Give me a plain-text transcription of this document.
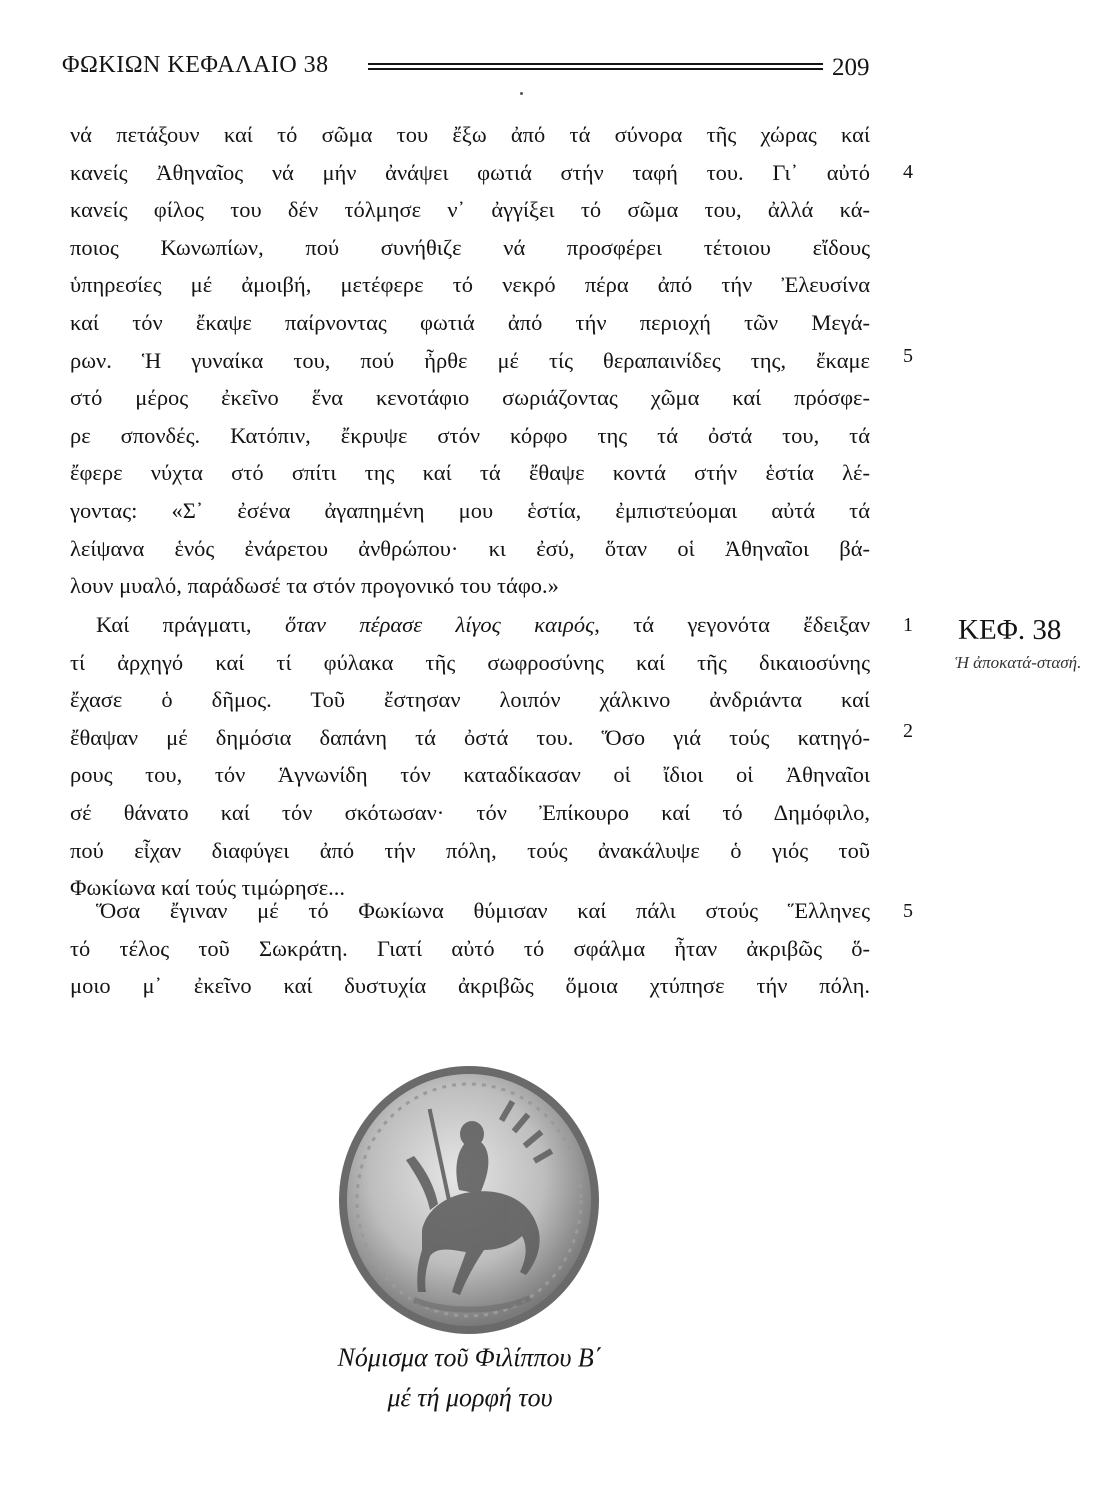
ΦΩΚΙΩΝ ΚΕΦΑΛΑΙΟ 38	209

νά πετάξουν καί τό σῶμα του ἔξω ἀπό τά σύνορα τῆς χώρας καί

κανείς Ἀθηναῖος νά μήν ἀνάψει φωτιά στήν ταφή του. Γι᾽ αὐτό

κανείς φίλος του δέν τόλμησε ν᾽ ἀγγίξει τό σῶμα του, ἀλλά κά-

ποιος Κωνωπίων, πού συνήθιζε νά προσφέρει τέτοιου εἴδους

ὑπηρεσίες μέ ἀμοιβή, μετέφερε τό νεκρό πέρα ἀπό τήν Ἐλευσίνα

καί τόν ἔκαψε παίρνοντας φωτιά ἀπό τήν περιοχή τῶν Μεγά-

ρων. Ἡ γυναίκα του, πού ἦρθε μέ τίς θεραπαινίδες της, ἔκαμε

στό μέρος ἐκεῖνο ἕνα κενοτάφιο σωριάζοντας χῶμα καί πρόσφε-

ρε σπονδές. Κατόπιν, ἔκρυψε στόν κόρφο της τά ὀστά του, τά

ἔφερε νύχτα στό σπίτι της καί τά ἔθαψε κοντά στήν ἑστία λέ-

γοντας: «Σ᾽ ἐσένα ἀγαπημένη μου ἑστία, ἐμπιστεύομαι αὐτά τά

λείψανα ἑνός ἐνάρετου ἀνθρώπου· κι ἐσύ, ὅταν οἱ Ἀθηναῖοι βά-

λουν μυαλό, παράδωσέ τα στόν προγονικό του τάφο.»

4
5

Καί πράγματι, ὅταν πέρασε λίγος καιρός, τά γεγονότα ἔδειξαν

τί ἀρχηγό καί τί φύλακα τῆς σωφροσύνης καί τῆς δικαιοσύνης

ἔχασε ὁ δῆμος. Τοῦ ἔστησαν λοιπόν χάλκινο ἀνδριάντα καί

ἔθαψαν μέ δημόσια δαπάνη τά ὀστά του. Ὅσο γιά τούς κατηγό-

ρους του, τόν Ἁγνωνίδη τόν καταδίκασαν οἱ ἴδιοι οἱ Ἀθηναῖοι

σέ θάνατο καί τόν σκότωσαν· τόν Ἐπίκουρο καί τό Δημόφιλο,

πού εἶχαν διαφύγει ἀπό τήν πόλη, τούς ἀνακάλυψε ὁ γιός τοῦ

Φωκίωνα καί τούς τιμώρησε...

1
2

Ὅσα ἔγιναν μέ τό Φωκίωνα θύμισαν καί πάλι στούς Ἕλληνες

τό τέλος τοῦ Σωκράτη. Γιατί αὐτό τό σφάλμα ἦταν ἀκριβῶς ὅ-

μοιο μ᾽ ἐκεῖνο καί δυστυχία ἀκριβῶς ὅμοια χτύπησε τήν πόλη.

5
ΚΕΦ. 38
Ἡ ἀποκατά-στασή.
Νόμισμα τοῦ Φιλίππου Β΄
μέ τή μορφή του
